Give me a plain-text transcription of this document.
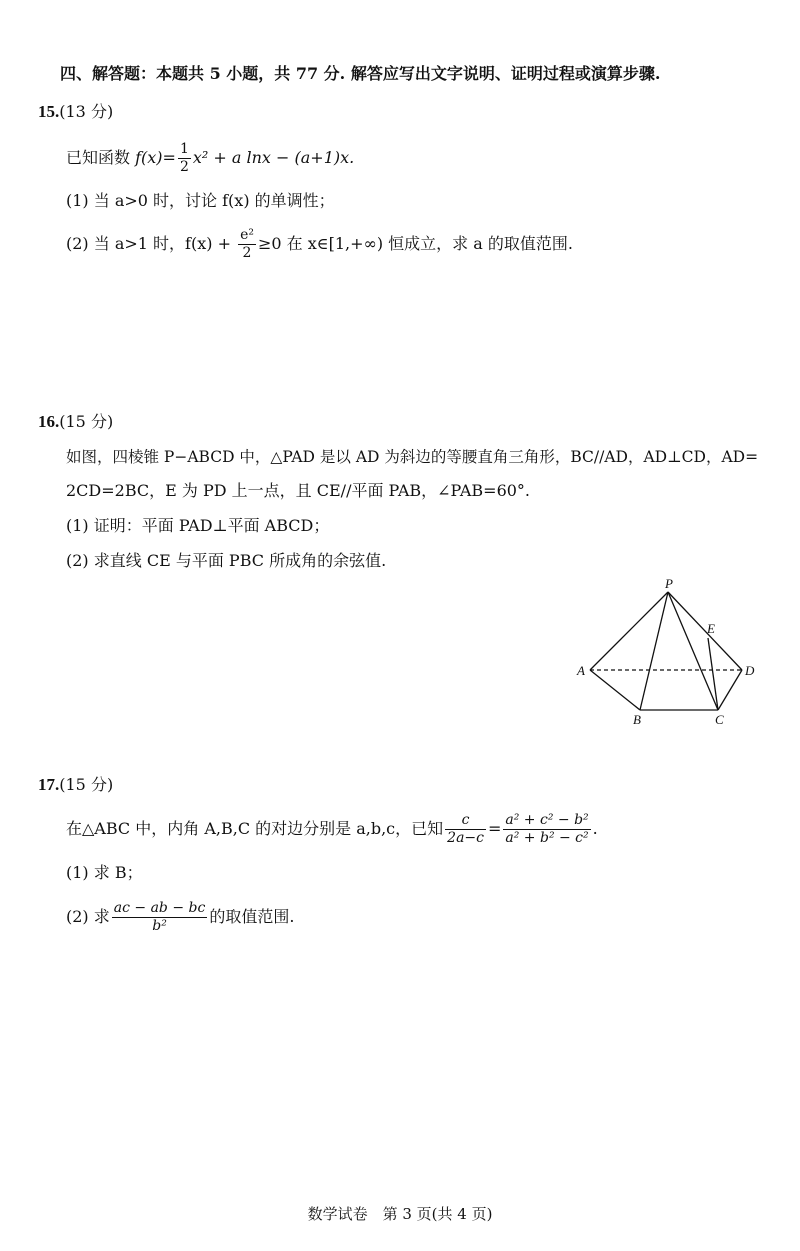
四、解答题：本题共 5 小题，共 77 分. 解答应写出文字说明、证明过程或演算步骤.
15.(13 分)
已知函数 $f(x)= \frac{1}{2} x^2 + a$ lnx − (a+1)x.
(1) 当 a>0 时，讨论 f(x) 的单调性；
(2) 当 a>1 时，$f(x) + \frac{\text{e²}}{2} \ge 0$ 在 x∈[1,+∞) 恒成立，求 a 的取值范围.
16.(15 分)
如图，四棱锥 P−ABCD 中，△PAD 是以 AD 为斜边的等腰直角三角形，BC//AD，AD⊥CD，AD=
2CD=2BC，E 为 PD 上一点，且 CE//平面 PAB，∠PAB=60°.
(1) 证明：平面 PAD⊥平面 ABCD；
(2) 求直线 CE 与平面 PBC 所成角的余弦值.
P
A
B	C
D
E
17.(15 分)
在△ABC 中，内角 A,B,C 的对边分别是 a,b,c，已知 $\frac{c}{2a-c} = \frac{\text{a² + c² − b²}}{\text{a² + b² − c²}}$ .
(1) 求 B；
(2) 求 $\frac{ac - ab - bc}{\text{b²}}$ 的取值范围.
数学试卷　第 3 页(共 4 页)
